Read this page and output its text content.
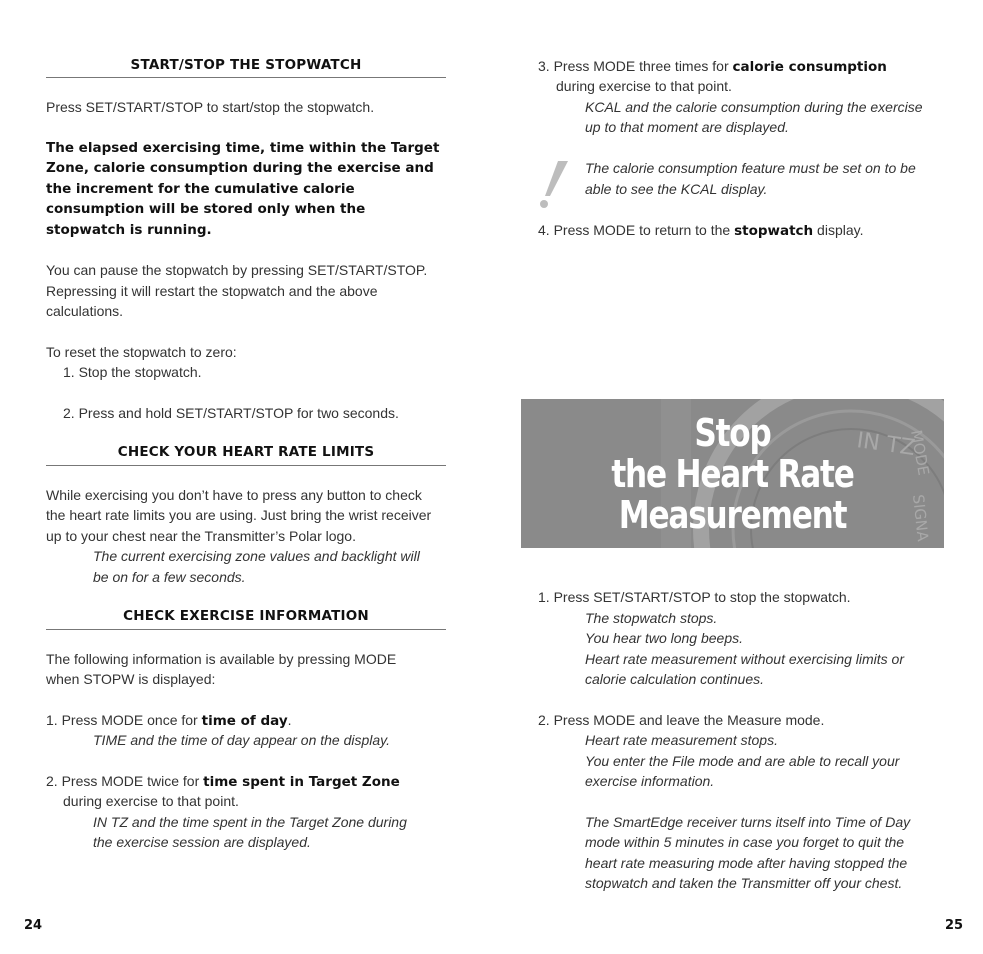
START/STOP THE STOPWATCH
Press SET/START/STOP to start/stop the stopwatch.
The elapsed exercising time, time within the Target
Zone, calorie consumption during the exercise and
the increment for the cumulative calorie
consumption will be stored only when the
stopwatch is running.
You can pause the stopwatch by pressing SET/START/STOP.
Repressing it will restart the stopwatch and the above
calculations.
To reset the stopwatch to zero:
1. Stop the stopwatch.
2. Press and hold SET/START/STOP for two seconds.
CHECK YOUR HEART RATE LIMITS
While exercising you don’t have to press any button to check
the heart rate limits you are using. Just bring the wrist receiver
up to your chest near the Transmitter’s Polar logo.
The current exercising zone values and backlight will
be on for a few seconds.
CHECK EXERCISE INFORMATION
The following information is available by pressing MODE
when STOPW is displayed:
1. Press MODE once for time of day.
TIME and the time of day appear on the display.
2. Press MODE twice for time spent in Target Zone
during exercise to that point.
IN TZ and the time spent in the Target Zone during
the exercise session are displayed.
24
3. Press MODE three times for calorie consumption
during exercise to that point.
KCAL and the calorie consumption during the exercise
up to that moment are displayed.
The calorie consumption feature must be set on to be
able to see the KCAL display.
4. Press MODE to return to the stopwatch display.
IN TZ
MODE
SIGNA
Stop
the Heart Rate
Measurement
1. Press SET/START/STOP to stop the stopwatch.
The stopwatch stops.
You hear two long beeps.
Heart rate measurement without exercising limits or
calorie calculation continues.
2. Press MODE and leave the Measure mode.
Heart rate measurement stops.
You enter the File mode and are able to recall your
exercise information.
The SmartEdge receiver turns itself into Time of Day
mode within 5 minutes in case you forget to quit the
heart rate measuring mode after having stopped the
stopwatch and taken the Transmitter off your chest.
25
